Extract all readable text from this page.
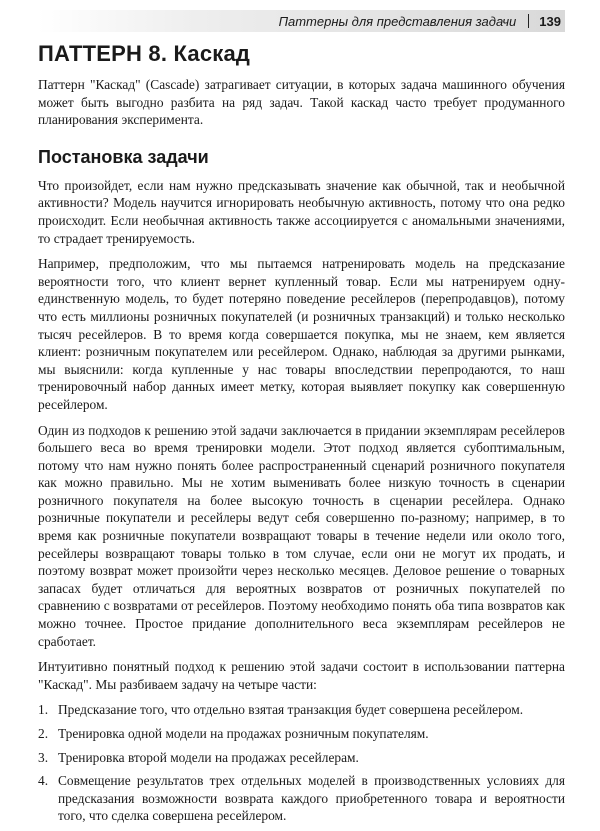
Паттерны для представления задачи 139
ПАТТЕРН 8. Каскад

Паттерн "Каскад" (Cascade) затрагивает ситуации, в которых задача машинного обучения может быть выгодно разбита на ряд задач. Такой каскад часто требует продуманного планирования эксперимента.

Постановка задачи

Что произойдет, если нам нужно предсказывать значение как обычной, так и необычной активности? Модель научится игнорировать необычную активность, потому что она редко происходит. Если необычная активность также ассоциируется с аномальными значениями, то страдает тренируемость.

Например, предположим, что мы пытаемся натренировать модель на предсказание вероятности того, что клиент вернет купленный товар. Если мы натренируем одну-единственную модель, то будет потеряно поведение ресейлеров (перепродавцов), потому что есть миллионы розничных покупателей (и розничных транзакций) и только несколько тысяч ресейлеров. В то время когда совершается покупка, мы не знаем, кем является клиент: розничным покупателем или ресейлером. Однако, наблюдая за другими рынками, мы выяснили: когда купленные у нас товары впоследствии перепродаются, то наш тренировочный набор данных имеет метку, которая выявляет покупку как совершенную ресейлером.

Один из подходов к решению этой задачи заключается в придании экземплярам ресейлеров большего веса во время тренировки модели. Этот подход является субоптимальным, потому что нам нужно понять более распространенный сценарий розничного покупателя как можно правильно. Мы не хотим выменивать более низкую точность в сценарии розничного покупателя на более высокую точность в сценарии ресейлера. Однако розничные покупатели и ресейлеры ведут себя совершенно по-разному; например, в то время как розничные покупатели возвращают товары в течение недели или около того, ресейлеры возвращают товары только в том случае, если они не могут их продать, и поэтому возврат может произойти через несколько месяцев. Деловое решение о товарных запасах будет отличаться для вероятных возвратов от розничных покупателей по сравнению с возвратами от ресейлеров. Поэтому необходимо понять оба типа возвратов как можно точнее. Простое придание дополнительного веса экземплярам ресейлеров не сработает.

Интуитивно понятный подход к решению этой задачи состоит в использовании паттерна "Каскад". Мы разбиваем задачу на четыре части:

1. Предсказание того, что отдельно взятая транзакция будет совершена ресейлером.
2. Тренировка одной модели на продажах розничным покупателям.
3. Тренировка второй модели на продажах ресейлерам.
4. Совмещение результатов трех отдельных моделей в производственных условиях для предсказания возможности возврата каждого приобретенного товара и вероятности того, что сделка совершена ресейлером.
